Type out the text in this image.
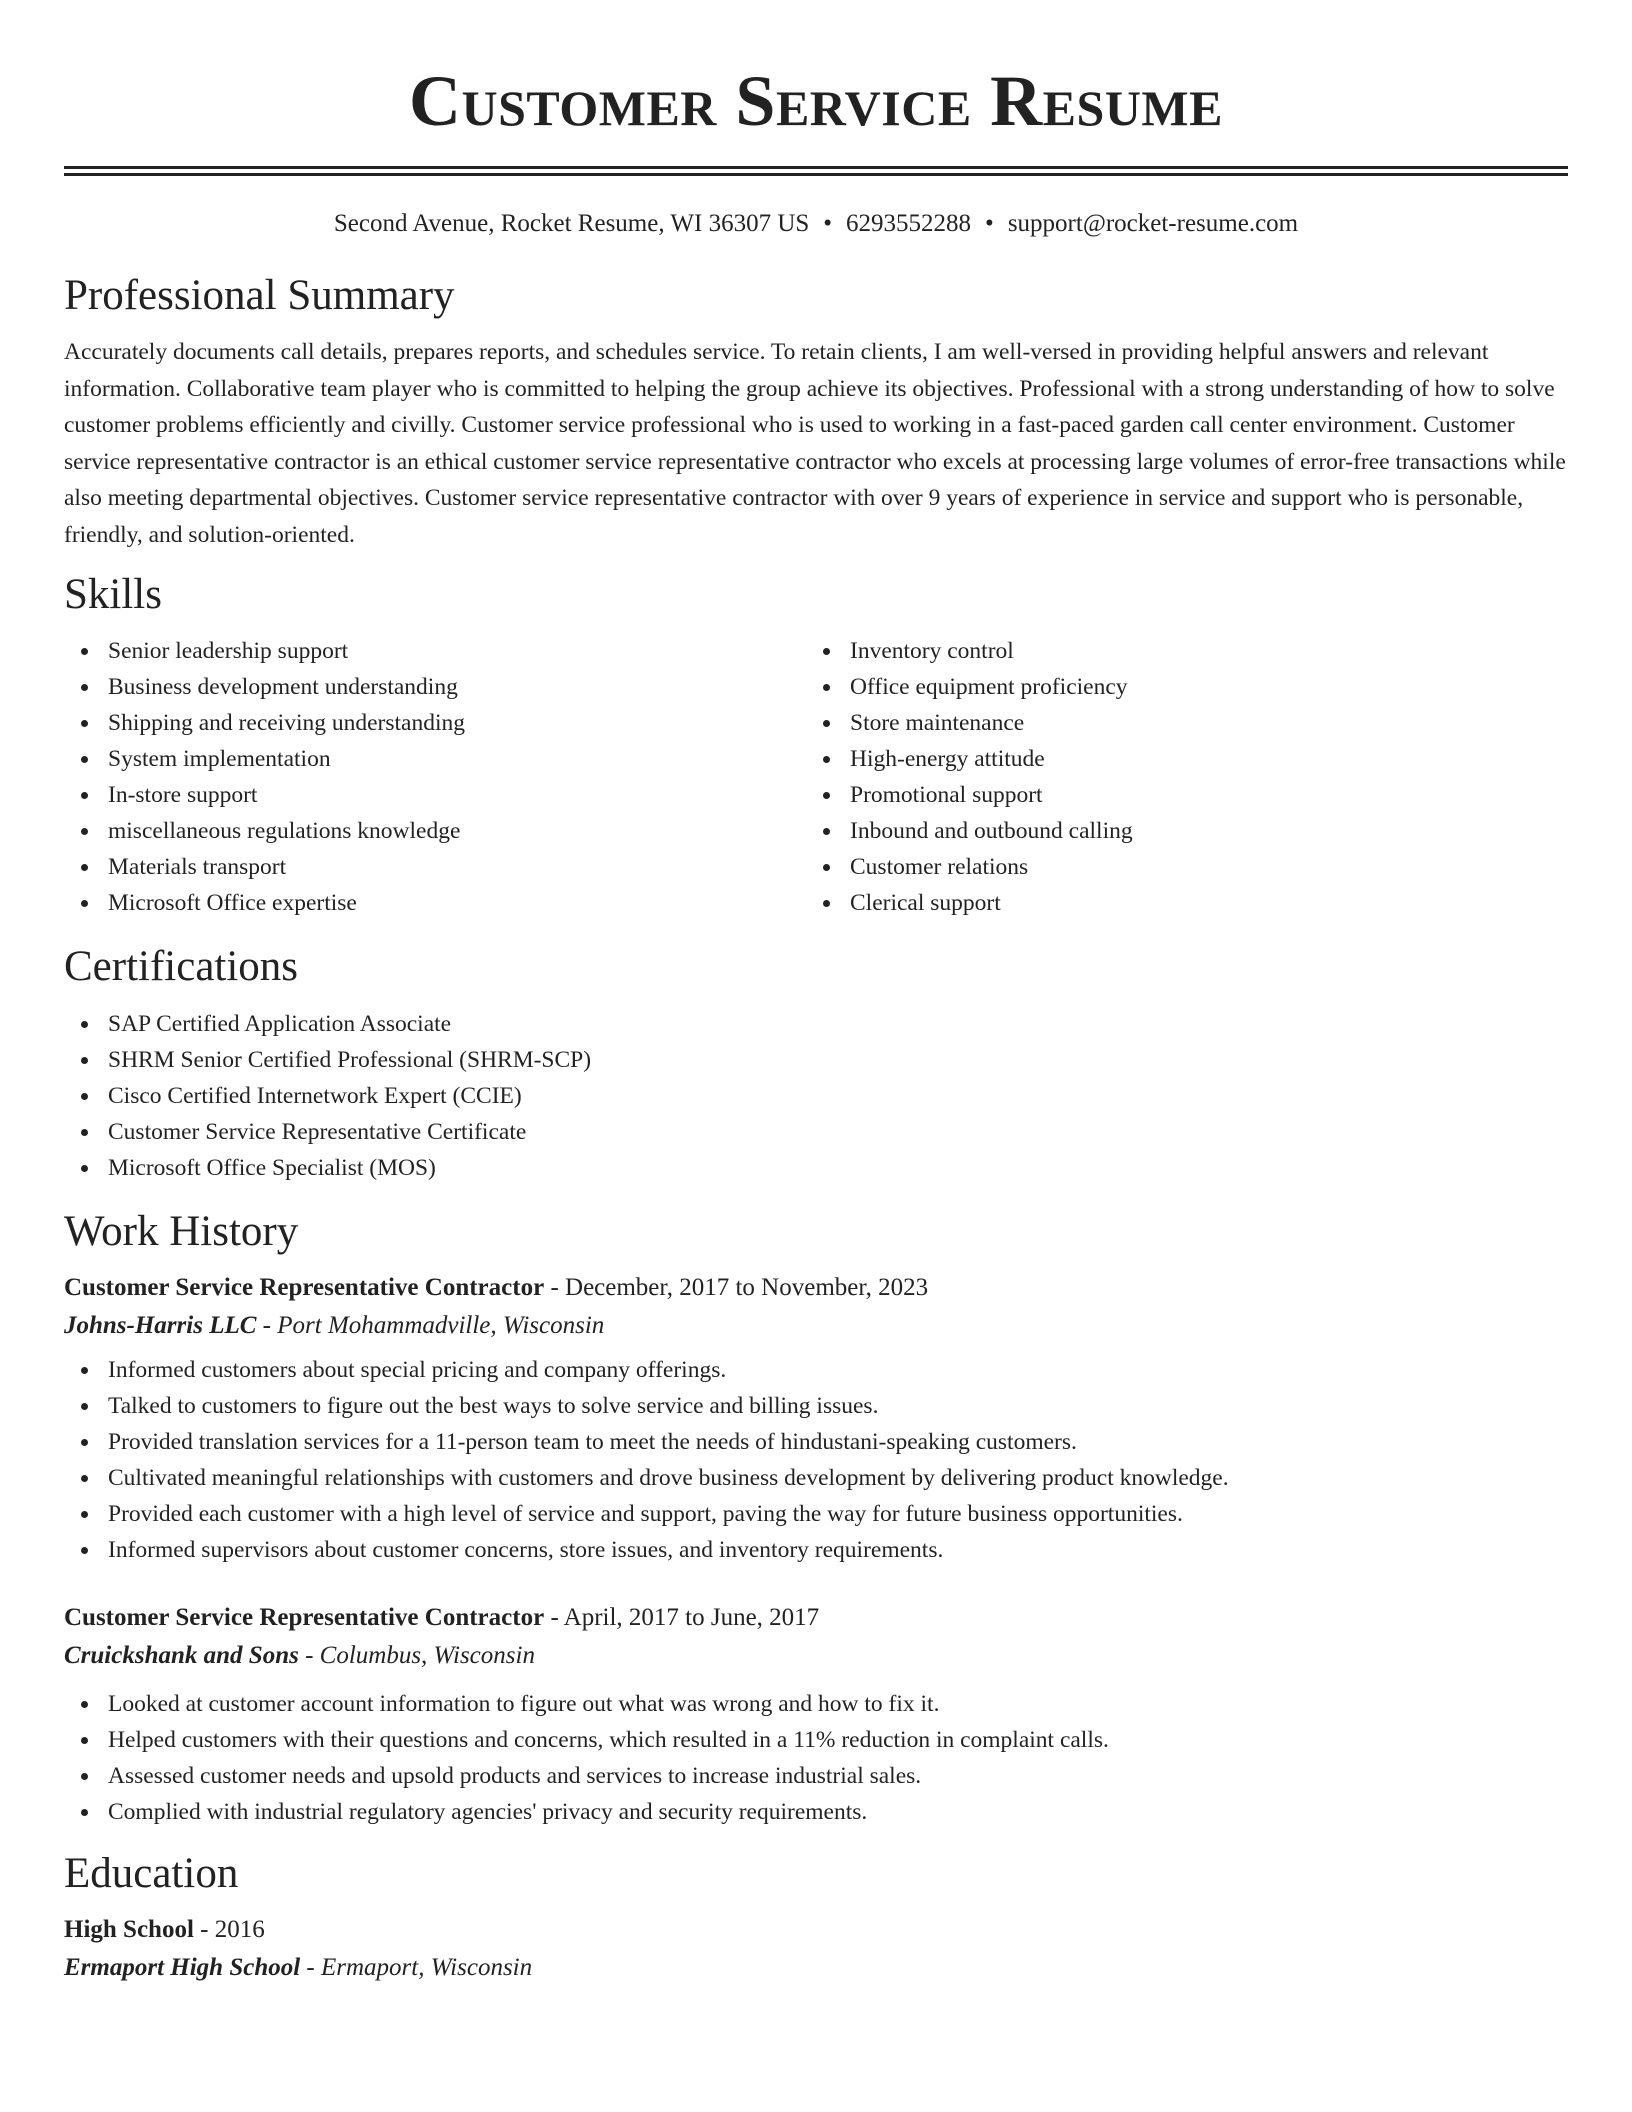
Customer Service Resume
Second Avenue, Rocket Resume, WI 36307 US • 6293552288 • support@rocket-resume.com
Professional Summary

Accurately documents call details, prepares reports, and schedules service. To retain clients, I am well-versed in providing helpful answers and relevant information. Collaborative team player who is committed to helping the group achieve its objectives. Professional with a strong understanding of how to solve customer problems efficiently and civilly. Customer service professional who is used to working in a fast-paced garden call center environment. Customer service representative contractor is an ethical customer service representative contractor who excels at processing large volumes of error-free transactions while also meeting departmental objectives. Customer service representative contractor with over 9 years of experience in service and support who is personable, friendly, and solution-oriented.

Skills
Senior leadership support
Business development understanding
Shipping and receiving understanding
System implementation
In-store support
miscellaneous regulations knowledge
Materials transport
Microsoft Office expertise
Inventory control
Office equipment proficiency
Store maintenance
High-energy attitude
Promotional support
Inbound and outbound calling
Customer relations
Clerical support
Certifications
SAP Certified Application Associate
SHRM Senior Certified Professional (SHRM-SCP)
Cisco Certified Internetwork Expert (CCIE)
Customer Service Representative Certificate
Microsoft Office Specialist (MOS)
Work History
Customer Service Representative Contractor - December, 2017 to November, 2023
Johns-Harris LLC - Port Mohammadville, Wisconsin
Informed customers about special pricing and company offerings.
Talked to customers to figure out the best ways to solve service and billing issues.
Provided translation services for a 11-person team to meet the needs of hindustani-speaking customers.
Cultivated meaningful relationships with customers and drove business development by delivering product knowledge.
Provided each customer with a high level of service and support, paving the way for future business opportunities.
Informed supervisors about customer concerns, store issues, and inventory requirements.
Customer Service Representative Contractor - April, 2017 to June, 2017
Cruickshank and Sons - Columbus, Wisconsin
Looked at customer account information to figure out what was wrong and how to fix it.
Helped customers with their questions and concerns, which resulted in a 11% reduction in complaint calls.
Assessed customer needs and upsold products and services to increase industrial sales.
Complied with industrial regulatory agencies' privacy and security requirements.
Education
High School - 2016
Ermaport High School - Ermaport, Wisconsin
